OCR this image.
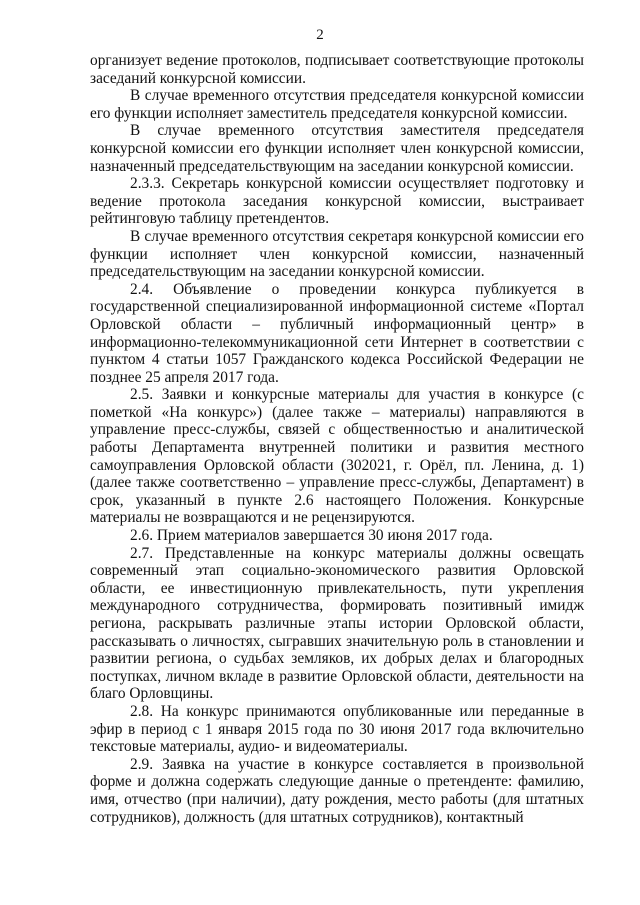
2

организует ведение протоколов, подписывает соответствующие протоколы заседаний конкурсной комиссии.

В случае временного отсутствия председателя конкурсной комиссии его функции исполняет заместитель председателя конкурсной комиссии.

В случае временного отсутствия заместителя председателя конкурсной комиссии его функции исполняет член конкурсной комиссии, назначенный председательствующим на заседании конкурсной комиссии.

2.3.3. Секретарь конкурсной комиссии осуществляет подготовку и ведение протокола заседания конкурсной комиссии, выстраивает рейтинговую таблицу претендентов.

В случае временного отсутствия секретаря конкурсной комиссии его функции исполняет член конкурсной комиссии, назначенный председательствующим на заседании конкурсной комиссии.

2.4. Объявление о проведении конкурса публикуется в государственной специализированной информационной системе «Портал Орловской области – публичный информационный центр» в информационно-телекоммуникационной сети Интернет в соответствии с пунктом 4 статьи 1057 Гражданского кодекса Российской Федерации не позднее 25 апреля 2017 года.

2.5. Заявки и конкурсные материалы для участия в конкурсе (с пометкой «На конкурс») (далее также – материалы) направляются в управление пресс-службы, связей с общественностью и аналитической работы Департамента внутренней политики и развития местного самоуправления Орловской области (302021, г. Орёл, пл. Ленина, д. 1) (далее также соответственно – управление пресс-службы, Департамент) в срок, указанный в пункте 2.6 настоящего Положения. Конкурсные материалы не возвращаются и не рецензируются.

2.6. Прием материалов завершается 30 июня 2017 года.

2.7. Представленные на конкурс материалы должны освещать современный этап социально-экономического развития Орловской области, ее инвестиционную привлекательность, пути укрепления международного сотрудничества, формировать позитивный имидж региона, раскрывать различные этапы истории Орловской области, рассказывать о личностях, сыгравших значительную роль в становлении и развитии региона, о судьбах земляков, их добрых делах и благородных поступках, личном вкладе в развитие Орловской области, деятельности на благо Орловщины.

2.8. На конкурс принимаются опубликованные или переданные в эфир в период с 1 января 2015 года по 30 июня 2017 года включительно текстовые материалы, аудио- и видеоматериалы.

2.9. Заявка на участие в конкурсе составляется в произвольной форме и должна содержать следующие данные о претенденте: фамилию, имя, отчество (при наличии), дату рождения, место работы (для штатных сотрудников), должность (для штатных сотрудников), контактный
